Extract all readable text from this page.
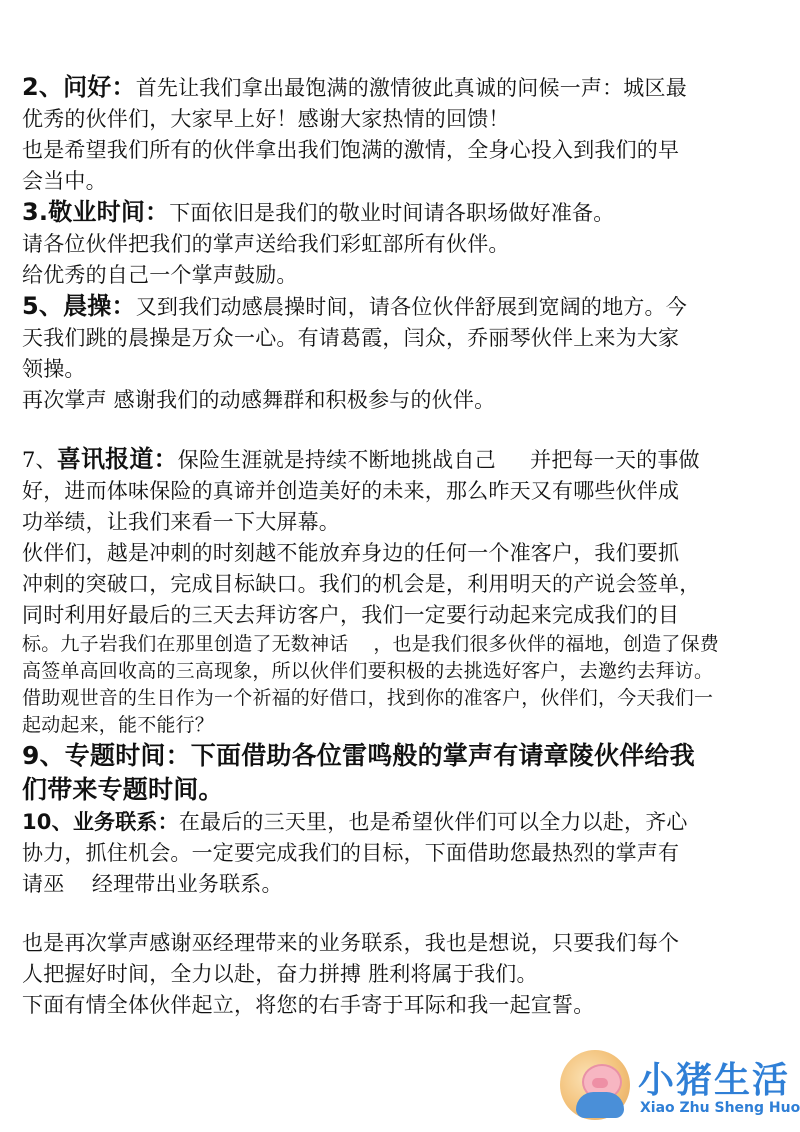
2、问好：首先让我们拿出最饱满的激情彼此真诚的问候一声：城区最
优秀的伙伴们，大家早上好！感谢大家热情的回馈！
也是希望我们所有的伙伴拿出我们饱满的激情，全身心投入到我们的早
会当中。
3.敬业时间：下面依旧是我们的敬业时间请各职场做好准备。
请各位伙伴把我们的掌声送给我们彩虹部所有伙伴。
给优秀的自己一个掌声鼓励。
5、晨操：又到我们动感晨操时间，请各位伙伴舒展到宽阔的地方。今
天我们跳的晨操是万众一心。有请葛霞，闫众，乔丽琴伙伴上来为大家
领操。
再次掌声 感谢我们的动感舞群和积极参与的伙伴。
7、喜讯报道：保险生涯就是持续不断地挑战自己     并把每一天的事做
好，进而体味保险的真谛并创造美好的未来，那么昨天又有哪些伙伴成
功举绩，让我们来看一下大屏幕。
伙伴们，越是冲刺的时刻越不能放弃身边的任何一个准客户，我们要抓
冲刺的突破口，完成目标缺口。我们的机会是，利用明天的产说会签单，
同时利用好最后的三天去拜访客户，我们一定要行动起来完成我们的目
标。九子岩我们在那里创造了无数神话    ，也是我们很多伙伴的福地，创造了保费
高签单高回收高的三高现象，所以伙伴们要积极的去挑选好客户，去邀约去拜访。
借助观世音的生日作为一个祈福的好借口，找到你的准客户，伙伴们，今天我们一
起动起来，能不能行？
9、专题时间：下面借助各位雷鸣般的掌声有请章陵伙伴给我
们带来专题时间。
10、业务联系：在最后的三天里，也是希望伙伴们可以全力以赴，齐心
协力，抓住机会。一定要完成我们的目标，下面借助您最热烈的掌声有
请巫    经理带出业务联系。
也是再次掌声感谢巫经理带来的业务联系，我也是想说，只要我们每个
人把握好时间，全力以赴，奋力拼搏 胜利将属于我们。
下面有情全体伙伴起立，将您的右手寄于耳际和我一起宣誓。
小猪生活
Xiao Zhu Sheng Huo
